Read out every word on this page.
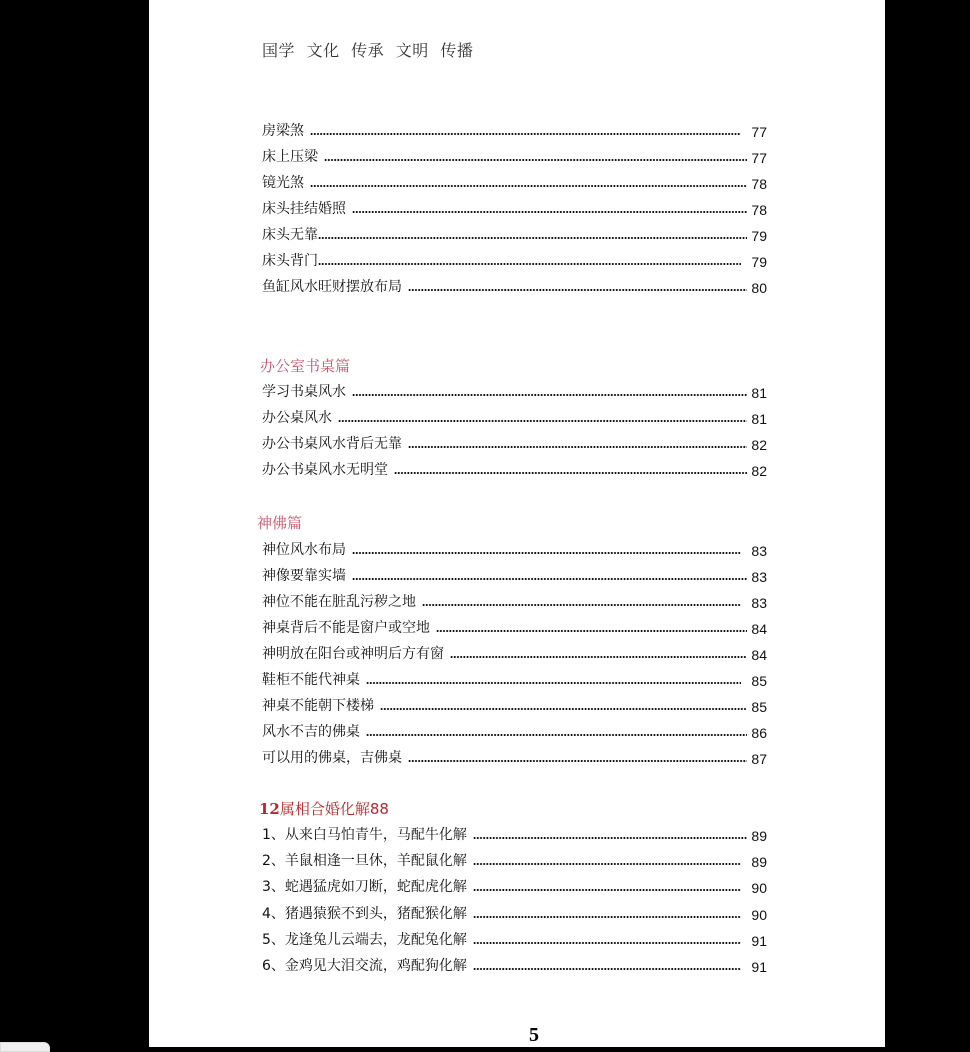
国学 文化 传承 文明 传播
房梁煞	77
床上压梁	77
镜光煞	78
床头挂结婚照	78
床头无靠	79
床头背门	79
鱼缸风水旺财摆放布局	80
办公室书桌篇
学习书桌风水	81
办公桌风水	81
办公书桌风水背后无靠	82
办公书桌风水无明堂	82
神佛篇
神位风水布局	83
神像要靠实墙	83
神位不能在脏乱污秽之地	83
神桌背后不能是窗户或空地	84
神明放在阳台或神明后方有窗	84
鞋柜不能代神桌	85
神桌不能朝下楼梯	85
风水不吉的佛桌	86
可以用的佛桌，吉佛桌	87
12属相合婚化解88
1、从来白马怕青牛，马配牛化解	89
2、羊鼠相逢一旦休，羊配鼠化解	89
3、蛇遇猛虎如刀断，蛇配虎化解	90
4、猪遇猿猴不到头，猪配猴化解	90
5、龙逢兔儿云端去，龙配兔化解	91
6、金鸡见大泪交流，鸡配狗化解	91
5
